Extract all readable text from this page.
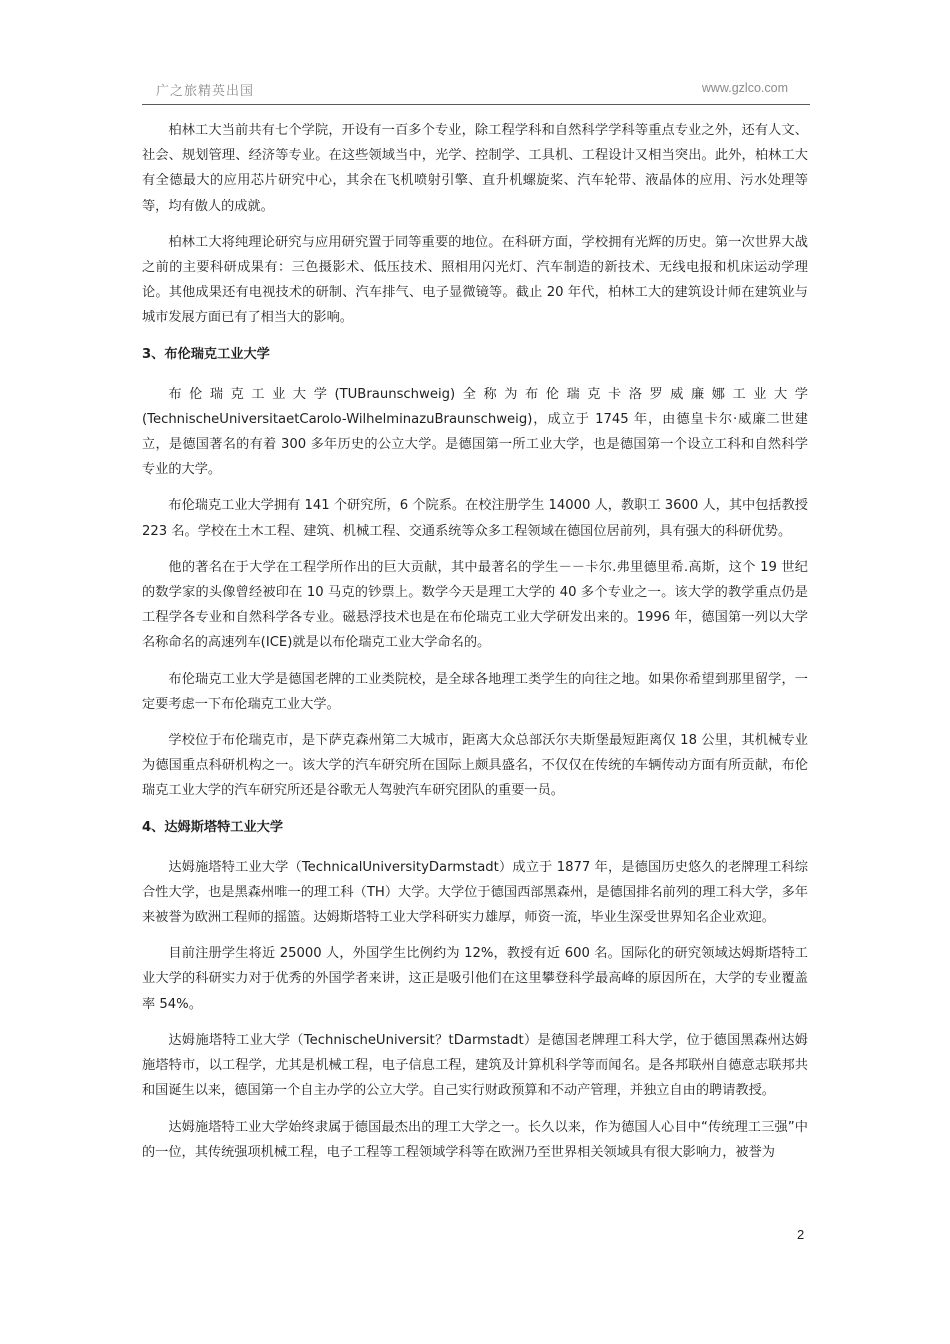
广之旅精英出国	www.gzlco.com

柏林工大当前共有七个学院，开设有一百多个专业，除工程学科和自然科学学科等重点专业之外，还有人文、社会、规划管理、经济等专业。在这些领域当中，光学、控制学、工具机、工程设计又相当突出。此外，柏林工大有全德最大的应用芯片研究中心，其余在飞机喷射引擎、直升机螺旋桨、汽车轮带、液晶体的应用、污水处理等等，均有傲人的成就。

柏林工大将纯理论研究与应用研究置于同等重要的地位。在科研方面，学校拥有光辉的历史。第一次世界大战之前的主要科研成果有：三色摄影术、低压技术、照相用闪光灯、汽车制造的新技术、无线电报和机床运动学理论。其他成果还有电视技术的研制、汽车排气、电子显微镜等。截止 20 年代，柏林工大的建筑设计师在建筑业与城市发展方面已有了相当大的影响。

3、布伦瑞克工业大学

布伦瑞克工业大学(TUBraunschweig)全称为布伦瑞克卡洛罗威廉娜工业大学(TechnischeUniversitaetCarolo-WilhelminazuBraunschweig)，成立于 1745 年，由德皇卡尔·威廉二世建立，是德国著名的有着 300 多年历史的公立大学。是德国第一所工业大学，也是德国第一个设立工科和自然科学专业的大学。

布伦瑞克工业大学拥有 141 个研究所，6 个院系。在校注册学生 14000 人，教职工 3600 人，其中包括教授 223 名。学校在土木工程、建筑、机械工程、交通系统等众多工程领域在德国位居前列，具有强大的科研优势。

他的著名在于大学在工程学所作出的巨大贡献，其中最著名的学生－－卡尔.弗里德里希.高斯，这个 19 世纪的数学家的头像曾经被印在 10 马克的钞票上。数学今天是理工大学的 40 多个专业之一。该大学的教学重点仍是工程学各专业和自然科学各专业。磁悬浮技术也是在布伦瑞克工业大学研发出来的。1996 年，德国第一列以大学名称命名的高速列车(ICE)就是以布伦瑞克工业大学命名的。

布伦瑞克工业大学是德国老牌的工业类院校，是全球各地理工类学生的向往之地。如果你希望到那里留学，一定要考虑一下布伦瑞克工业大学。

学校位于布伦瑞克市，是下萨克森州第二大城市，距离大众总部沃尔夫斯堡最短距离仅 18 公里，其机械专业为德国重点科研机构之一。该大学的汽车研究所在国际上颇具盛名，不仅仅在传统的车辆传动方面有所贡献，布伦瑞克工业大学的汽车研究所还是谷歌无人驾驶汽车研究团队的重要一员。

4、达姆斯塔特工业大学

达姆施塔特工业大学（TechnicalUniversityDarmstadt）成立于 1877 年，是德国历史悠久的老牌理工科综合性大学，也是黑森州唯一的理工科（TH）大学。大学位于德国西部黑森州，是德国排名前列的理工科大学，多年来被誉为欧洲工程师的摇篮。达姆斯塔特工业大学科研实力雄厚，师资一流，毕业生深受世界知名企业欢迎。

目前注册学生将近 25000 人，外国学生比例约为 12%，教授有近 600 名。国际化的研究领域达姆斯塔特工业大学的科研实力对于优秀的外国学者来讲，这正是吸引他们在这里攀登科学最高峰的原因所在，大学的专业覆盖率 54%。

达姆施塔特工业大学（TechnischeUniversit？tDarmstadt）是德国老牌理工科大学，位于德国黑森州达姆施塔特市，以工程学，尤其是机械工程，电子信息工程，建筑及计算机科学等而闻名。是各邦联州自德意志联邦共和国诞生以来，德国第一个自主办学的公立大学。自己实行财政预算和不动产管理，并独立自由的聘请教授。

达姆施塔特工业大学始终隶属于德国最杰出的理工大学之一。长久以来，作为德国人心目中“传统理工三强”中的一位，其传统强项机械工程，电子工程等工程领域学科等在欧洲乃至世界相关领域具有很大影响力，被誉为

2
